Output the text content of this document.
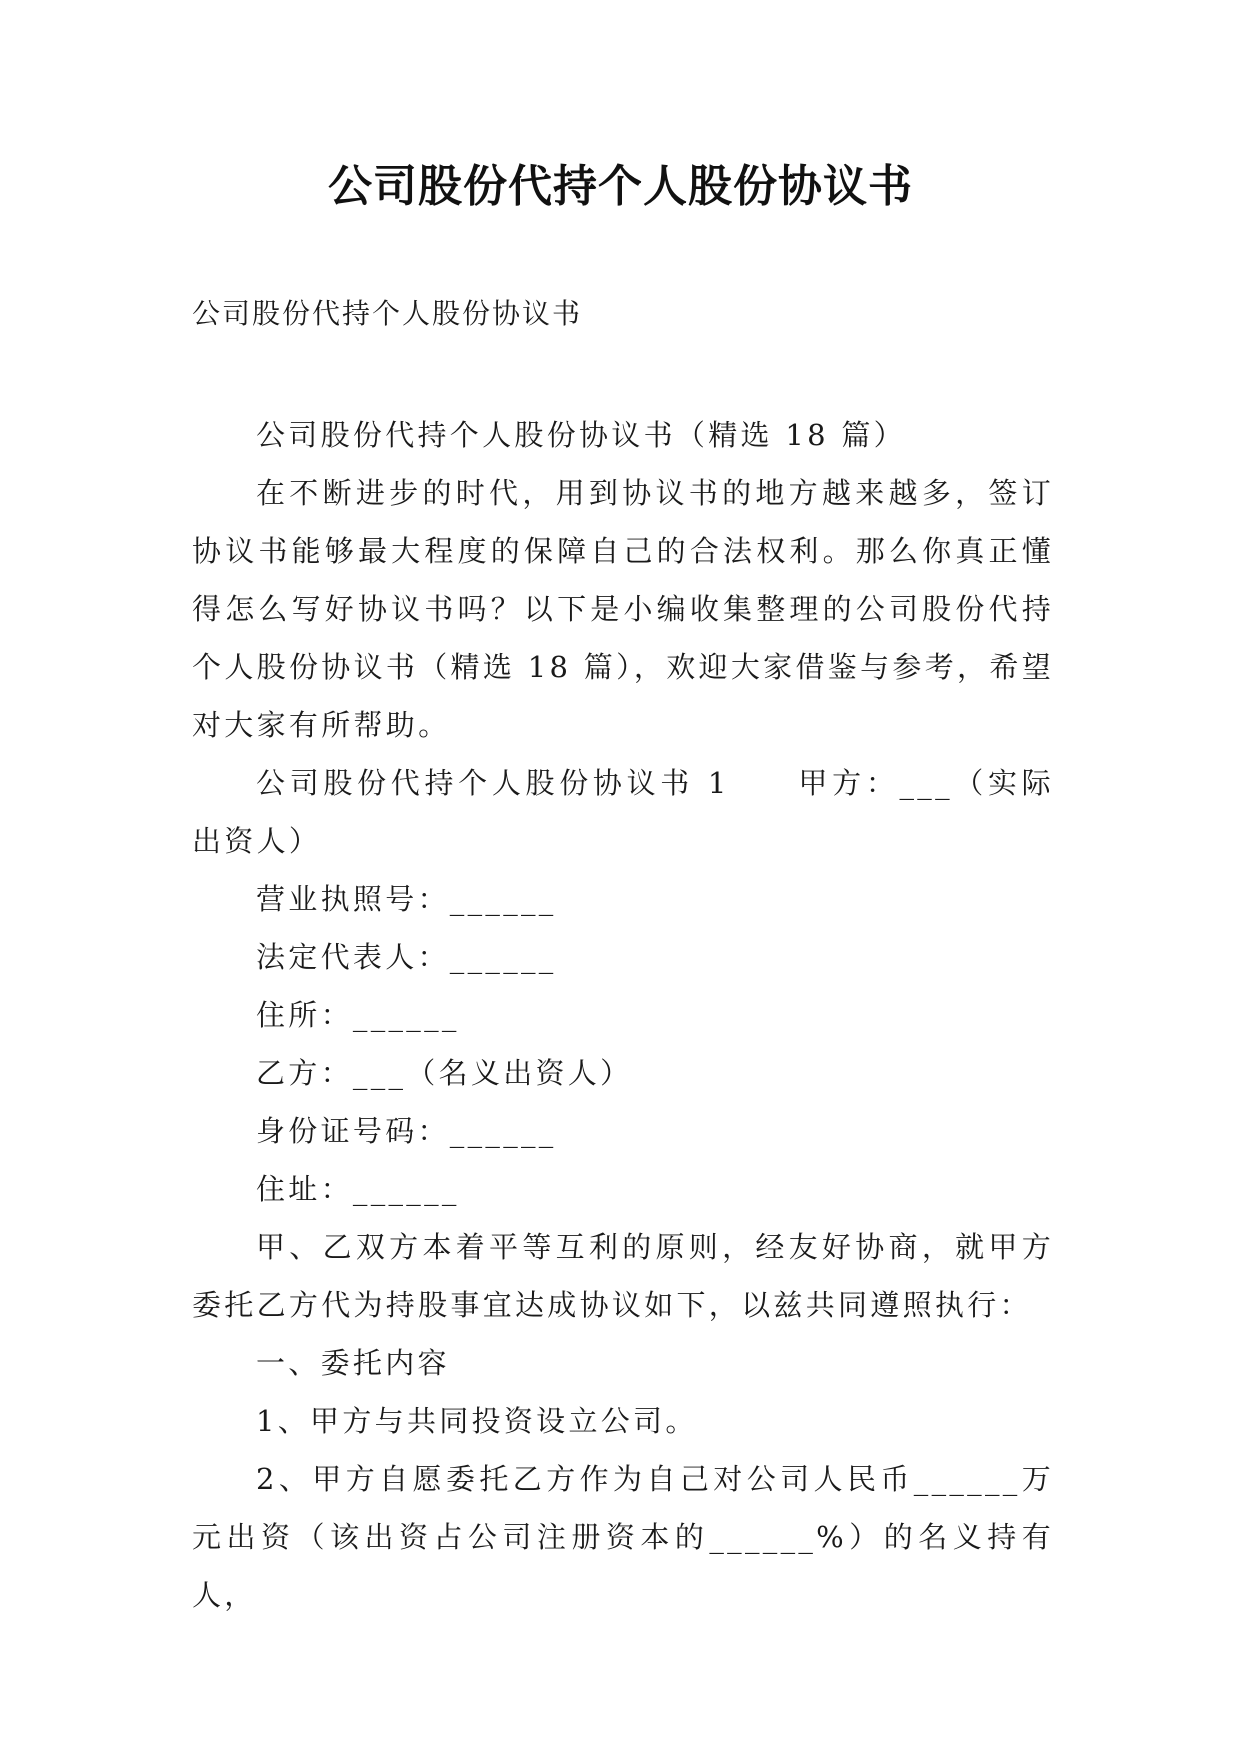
公司股份代持个人股份协议书

公司股份代持个人股份协议书

公司股份代持个人股份协议书（精选 18 篇）

在不断进步的时代，用到协议书的地方越来越多，签订协议书能够最大程度的保障自己的合法权利。那么你真正懂得怎么写好协议书吗？以下是小编收集整理的公司股份代持个人股份协议书（精选 18 篇），欢迎大家借鉴与参考，希望对大家有所帮助。

公司股份代持个人股份协议书 1　　甲方：___（实际出资人）

营业执照号：______

法定代表人：______

住所：______

乙方：___（名义出资人）

身份证号码：______

住址：______

甲、乙双方本着平等互利的原则，经友好协商，就甲方委托乙方代为持股事宜达成协议如下，以兹共同遵照执行：

一、委托内容

1、甲方与共同投资设立公司。

2、甲方自愿委托乙方作为自己对公司人民币______万元出资（该出资占公司注册资本的______%）的名义持有人，
